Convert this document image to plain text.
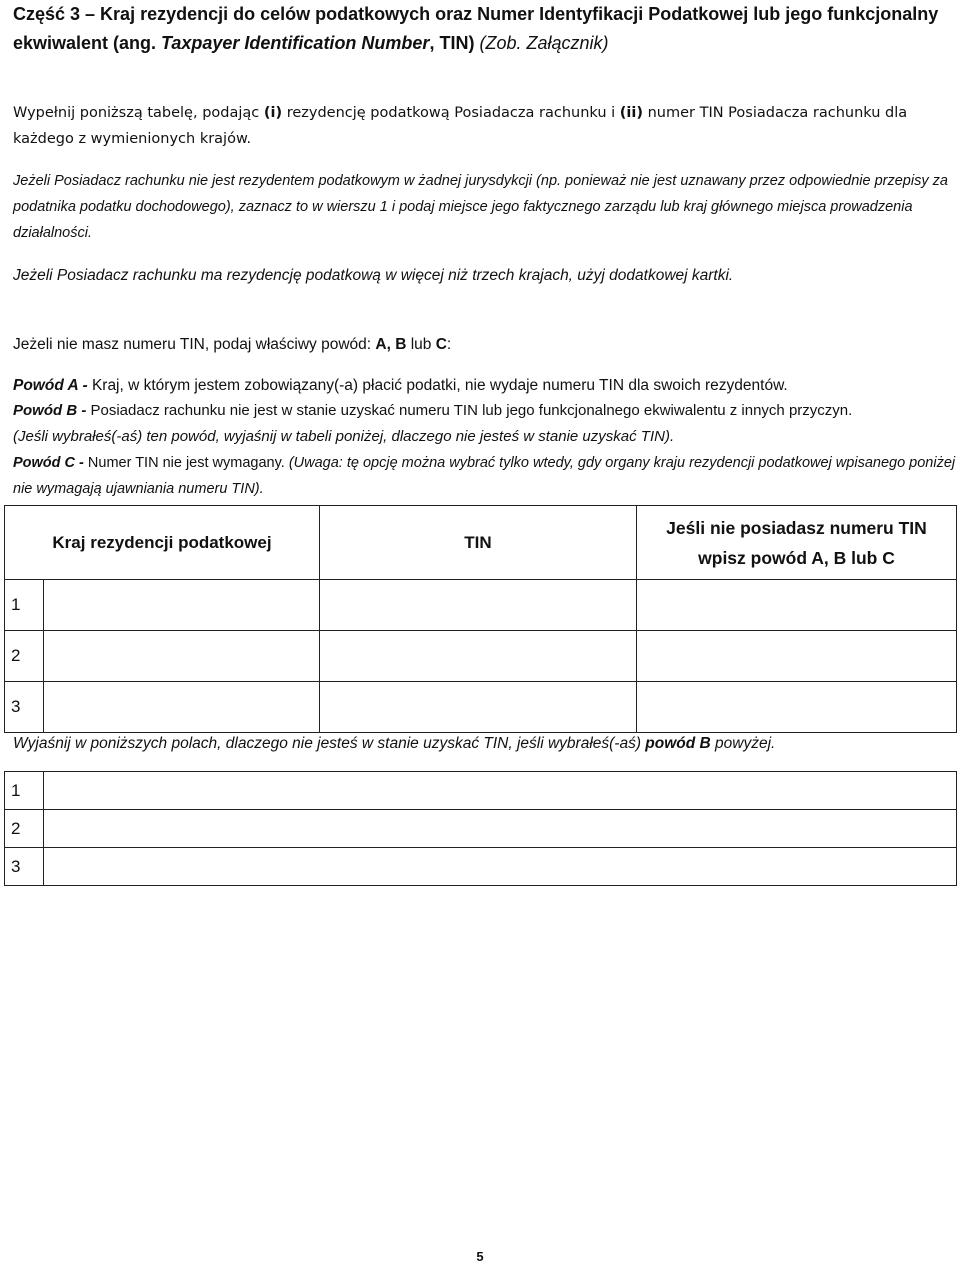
Część 3 – Kraj rezydencji do celów podatkowych oraz Numer Identyfikacji Podatkowej lub jego funkcjonalny ekwiwalent (ang. Taxpayer Identification Number, TIN) (Zob. Załącznik)
Wypełnij poniższą tabelę, podając (i) rezydencję podatkową Posiadacza rachunku i (ii) numer TIN Posiadacza rachunku dla każdego z wymienionych krajów.
Jeżeli Posiadacz rachunku nie jest rezydentem podatkowym w żadnej jurysdykcji (np. ponieważ nie jest uznawany przez odpowiednie przepisy za podatnika podatku dochodowego), zaznacz to w wierszu 1 i podaj miejsce jego faktycznego zarządu lub kraj głównego miejsca prowadzenia działalności.
Jeżeli Posiadacz rachunku ma rezydencję podatkową w więcej niż trzech krajach, użyj dodatkowej kartki.
Jeżeli nie masz numeru TIN, podaj właściwy powód: A, B lub C:
Powód A - Kraj, w którym jestem zobowiązany(-a) płacić podatki, nie wydaje numeru TIN dla swoich rezydentów.
Powód B - Posiadacz rachunku nie jest w stanie uzyskać numeru TIN lub jego funkcjonalnego ekwiwalentu z innych przyczyn.
(Jeśli wybrałeś(-aś) ten powód, wyjaśnij w tabeli poniżej, dlaczego nie jesteś w stanie uzyskać TIN).
Powód C - Numer TIN nie jest wymagany. (Uwaga: tę opcję można wybrać tylko wtedy, gdy organy kraju rezydencji podatkowej wpisanego poniżej nie wymagają ujawniania numeru TIN).
Kraj rezydencji podatkowej		TIN	Jeśli nie posiadasz numeru TIN
wpisz powód A, B lub C

1			
2			
3			
Wyjaśnij w poniższych polach, dlaczego nie jesteś w stanie uzyskać TIN, jeśli wybrałeś(-aś) powód B powyżej.
1	
2	
3	
5
